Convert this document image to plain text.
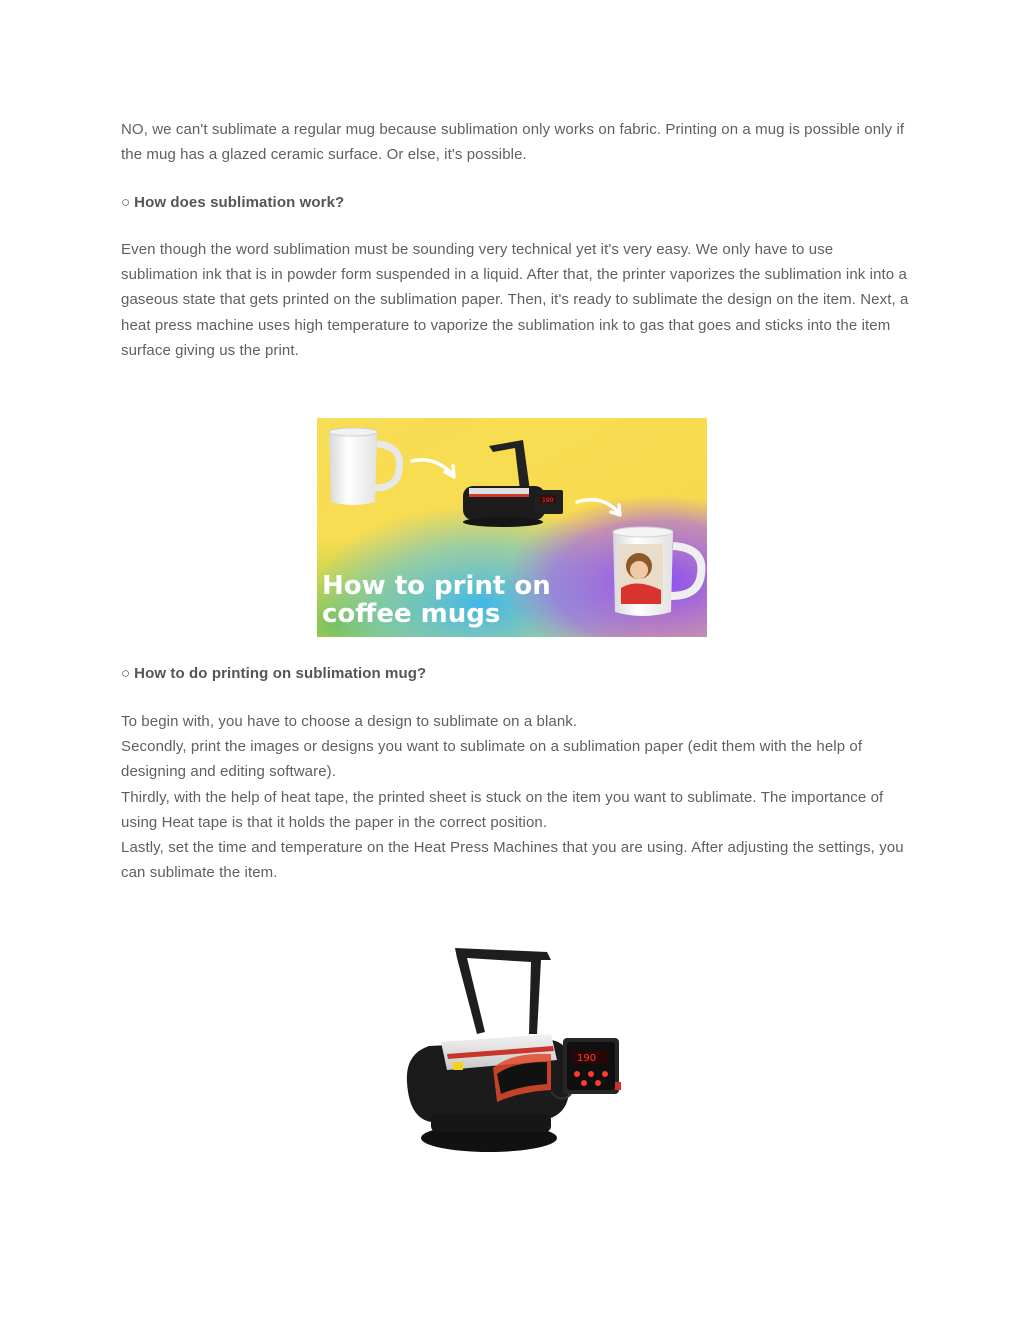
NO, we can't sublimate a regular mug because sublimation only works on fabric. Printing on a mug is possible only if the mug has a glazed ceramic surface. Or else, it's possible.

○ How does sublimation work?

Even though the word sublimation must be sounding very technical yet it's very easy. We only have to use sublimation ink that is in powder form suspended in a liquid. After that, the printer vaporizes the sublimation ink into a gaseous state that gets printed on the sublimation paper. Then, it's ready to sublimate the design on the item. Next, a heat press machine uses high temperature to vaporize the sublimation ink to gas that goes and sticks into the item surface giving us the print.

190
How to print on
coffee mugs

○ How to do printing on sublimation mug?

To begin with, you have to choose a design to sublimate on a blank.

Secondly, print the images or designs you want to sublimate on a sublimation paper (edit them with the help of designing and editing software).

Thirdly, with the help of heat tape, the printed sheet is stuck on the item you want to sublimate. The importance of using Heat tape is that it holds the paper in the correct position.

Lastly, set the time and temperature on the Heat Press Machines that you are using. After adjusting the settings, you can sublimate the item.

190
